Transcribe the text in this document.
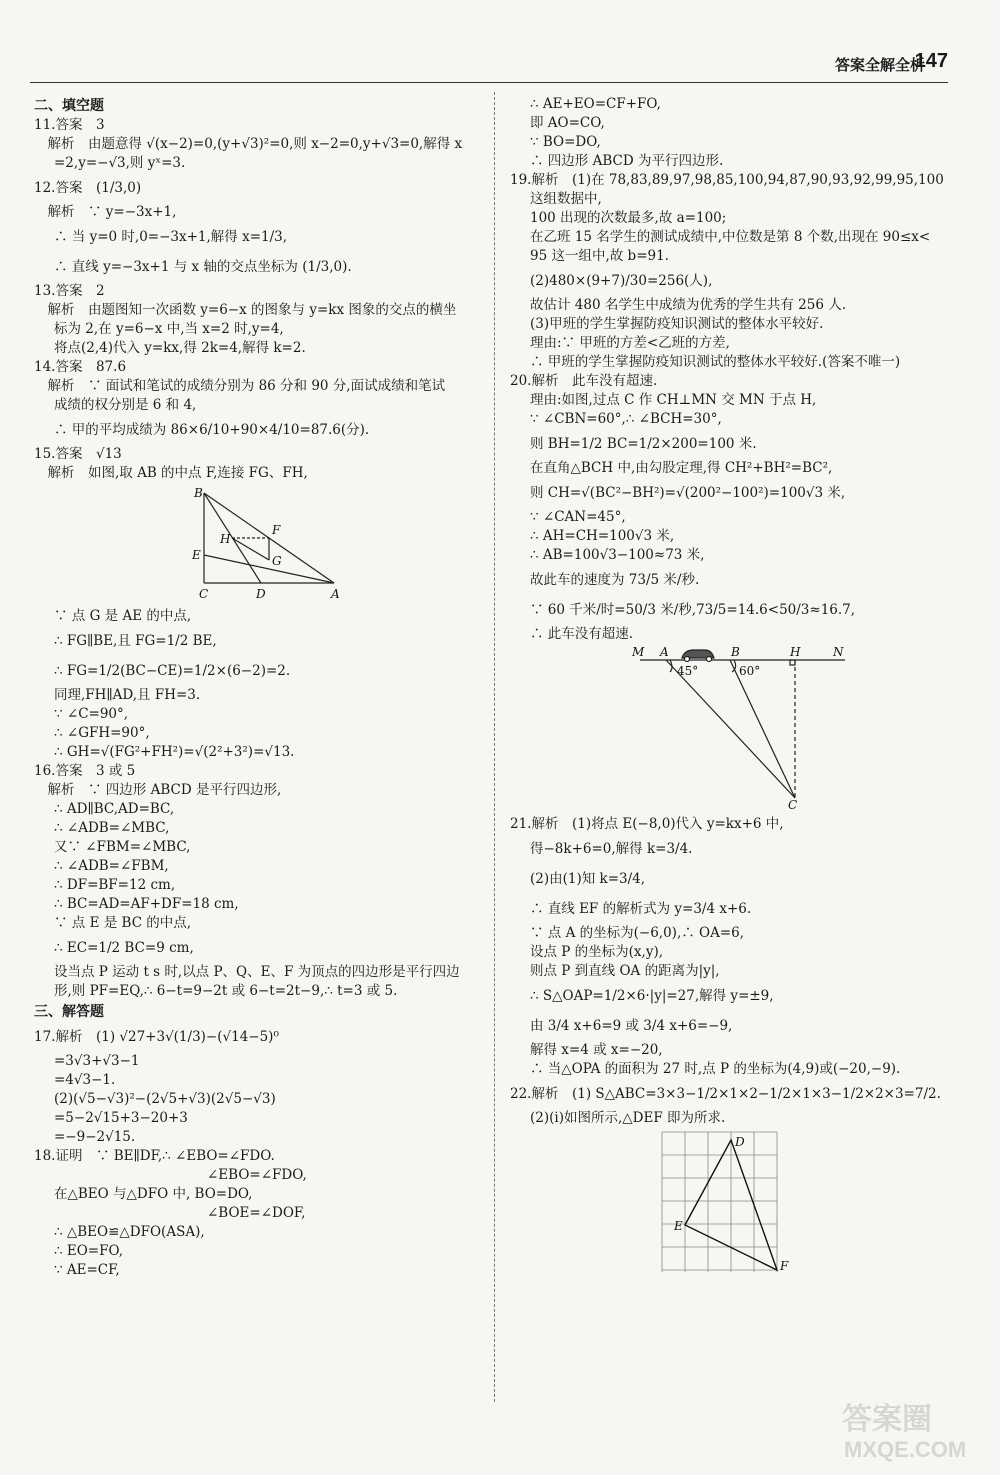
答案全解全析
147
二、填空题
11.答案　3
　解析　由题意得 √(x−2)=0,(y+√3)²=0,则 x−2=0,y+√3=0,解得 x
=2,y=−√3,则 yˣ=3.
12.答案　(1/3,0)
　解析　∵ y=−3x+1,
∴ 当 y=0 时,0=−3x+1,解得 x=1/3,
∴ 直线 y=−3x+1 与 x 轴的交点坐标为 (1/3,0).
13.答案　2
　解析　由题图知一次函数 y=6−x 的图象与 y=kx 图象的交点的横坐
标为 2,在 y=6−x 中,当 x=2 时,y=4,
将点(2,4)代入 y=kx,得 2k=4,解得 k=2.
14.答案　87.6
　解析　∵ 面试和笔试的成绩分别为 86 分和 90 分,面试成绩和笔试
成绩的权分别是 6 和 4,
∴ 甲的平均成绩为 86×6/10+90×4/10=87.6(分).
15.答案　√13
　解析　如图,取 AB 的中点 F,连接 FG、FH,
B
F
E
H
G
C	D	A
∵ 点 G 是 AE 的中点,
∴ FG∥BE,且 FG=1/2 BE,
∴ FG=1/2(BC−CE)=1/2×(6−2)=2.
同理,FH∥AD,且 FH=3.
∵ ∠C=90°,
∴ ∠GFH=90°,
∴ GH=√(FG²+FH²)=√(2²+3²)=√13.
16.答案　3 或 5
　解析　∵ 四边形 ABCD 是平行四边形,
∴ AD∥BC,AD=BC,
∴ ∠ADB=∠MBC,
又∵ ∠FBM=∠MBC,
∴ ∠ADB=∠FBM,
∴ DF=BF=12 cm,
∴ BC=AD=AF+DF=18 cm,
∵ 点 E 是 BC 的中点,
∴ EC=1/2 BC=9 cm,
设当点 P 运动 t s 时,以点 P、Q、E、F 为顶点的四边形是平行四边
形,则 PF=EQ,∴ 6−t=9−2t 或 6−t=2t−9,∴ t=3 或 5.
三、解答题
17.解析　(1) √27+3√(1/3)−(√14−5)⁰
=3√3+√3−1
=4√3−1.
(2)(√5−√3)²−(2√5+√3)(2√5−√3)
=5−2√15+3−20+3
=−9−2√15.
18.证明　∵ BE∥DF,∴ ∠EBO=∠FDO.
∠EBO=∠FDO,
在△BEO 与△DFO 中, BO=DO,
∠BOE=∠DOF,
∴ △BEO≌△DFO(ASA),
∴ EO=FO,
∵ AE=CF,
∴ AE+EO=CF+FO,
即 AO=CO,
∵ BO=DO,
∴ 四边形 ABCD 为平行四边形.
19.解析　(1)在 78,83,89,97,98,85,100,94,87,90,93,92,99,95,100
这组数据中,
100 出现的次数最多,故 a=100;
在乙班 15 名学生的测试成绩中,中位数是第 8 个数,出现在 90≤x<
95 这一组中,故 b=91.
(2)480×(9+7)/30=256(人),
故估计 480 名学生中成绩为优秀的学生共有 256 人.
(3)甲班的学生掌握防疫知识测试的整体水平较好.
理由:∵ 甲班的方差<乙班的方差,
∴ 甲班的学生掌握防疫知识测试的整体水平较好.(答案不唯一)
20.解析　此车没有超速.
理由:如图,过点 C 作 CH⊥MN 交 MN 于点 H,
∵ ∠CBN=60°,∴ ∠BCH=30°,
则 BH=1/2 BC=1/2×200=100 米.
在直角△BCH 中,由勾股定理,得 CH²+BH²=BC²,
则 CH=√(BC²−BH²)=√(200²−100²)=100√3 米,
∵ ∠CAN=45°,
∴ AH=CH=100√3 米,
∴ AB=100√3−100≈73 米,
故此车的速度为 73/5 米/秒.
∵ 60 千米/时=50/3 米/秒,73/5=14.6<50/3≈16.7,
∴ 此车没有超速.
M A	B	H	N
45°	60°
C
21.解析　(1)将点 E(−8,0)代入 y=kx+6 中,
得−8k+6=0,解得 k=3/4.
(2)由(1)知 k=3/4,
∴ 直线 EF 的解析式为 y=3/4 x+6.
∵ 点 A 的坐标为(−6,0),∴ OA=6,
设点 P 的坐标为(x,y),
则点 P 到直线 OA 的距离为|y|,
∴ S△OAP=1/2×6·|y|=27,解得 y=±9,
由 3/4 x+6=9 或 3/4 x+6=−9,
解得 x=4 或 x=−20,
∴ 当△OPA 的面积为 27 时,点 P 的坐标为(4,9)或(−20,−9).
22.解析　(1) S△ABC=3×3−1/2×1×2−1/2×1×3−1/2×2×3=7/2.
(2)(i)如图所示,△DEF 即为所求.
D
E
F
答案圈
MXQE.COM
